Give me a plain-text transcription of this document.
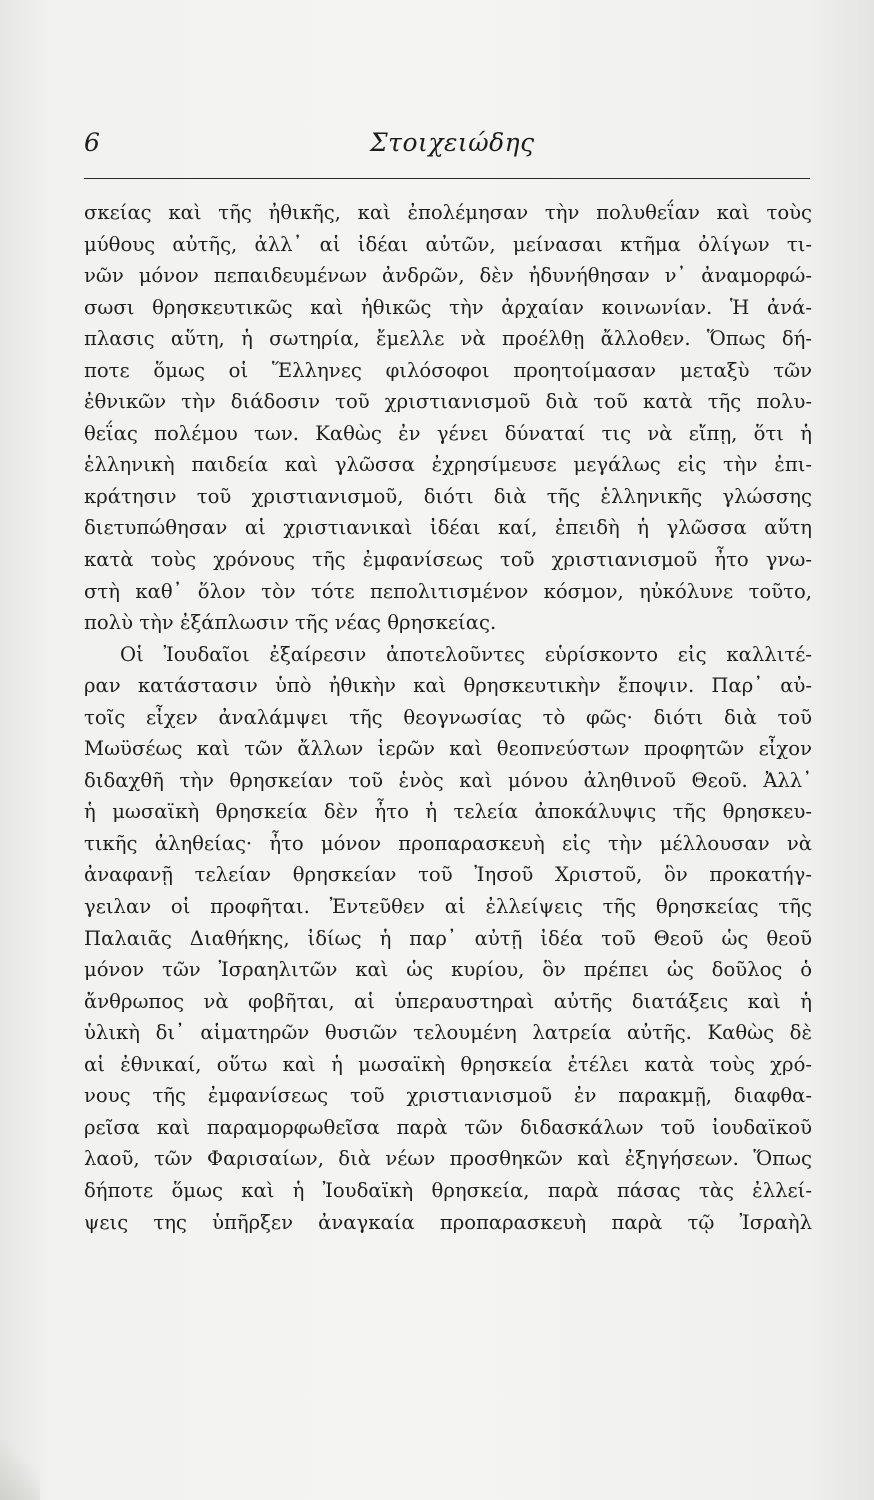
6	Στοιχειώδης
σκείας καὶ τῆς ἠθικῆς, καὶ ἐπολέμησαν τὴν πολυθεΐαν καὶ τοὺς
μύθους αὐτῆς, ἀλλ᾽ αἱ ἰδέαι αὐτῶν, μείνασαι κτῆμα ὀλίγων τι-
νῶν μόνον πεπαιδευμένων ἀνδρῶν, δὲν ἠδυνήθησαν ν᾽ ἀναμορφώ-
σωσι θρησκευτικῶς καὶ ἠθικῶς τὴν ἀρχαίαν κοινωνίαν. Ἡ ἀνά-
πλασις αὕτη, ἡ σωτηρία, ἔμελλε νὰ προέλθῃ ἄλλοθεν. Ὅπως δή-
ποτε ὅμως οἱ Ἕλληνες φιλόσοφοι προητοίμασαν μεταξὺ τῶν
ἐθνικῶν τὴν διάδοσιν τοῦ χριστιανισμοῦ διὰ τοῦ κατὰ τῆς πολυ-
θεΐας πολέμου των. Καθὼς ἐν γένει δύναταί τις νὰ εἴπῃ, ὅτι ἡ
ἑλληνικὴ παιδεία καὶ γλῶσσα ἐχρησίμευσε μεγάλως εἰς τὴν ἐπι-
κράτησιν τοῦ χριστιανισμοῦ, διότι διὰ τῆς ἑλληνικῆς γλώσσης
διετυπώθησαν αἱ χριστιανικαὶ ἰδέαι καί, ἐπειδὴ ἡ γλῶσσα αὕτη
κατὰ τοὺς χρόνους τῆς ἐμφανίσεως τοῦ χριστιανισμοῦ ἦτο γνω-
στὴ καθ᾽ ὅλον τὸν τότε πεπολιτισμένον κόσμον, ηὐκόλυνε τοῦτο,
πολὺ τὴν ἐξάπλωσιν τῆς νέας θρησκείας.
Οἱ Ἰουδαῖοι ἐξαίρεσιν ἀποτελοῦντες εὑρίσκοντο εἰς καλλιτέ-
ραν κατάστασιν ὑπὸ ἠθικὴν καὶ θρησκευτικὴν ἔποψιν. Παρ᾽ αὐ-
τοῖς εἶχεν ἀναλάμψει τῆς θεογνωσίας τὸ φῶς· διότι διὰ τοῦ
Μωϋσέως καὶ τῶν ἄλλων ἱερῶν καὶ θεοπνεύστων προφητῶν εἶχον
διδαχθῆ τὴν θρησκείαν τοῦ ἑνὸς καὶ μόνου ἀληθινοῦ Θεοῦ. Ἀλλ᾽
ἡ μωσαϊκὴ θρησκεία δὲν ἦτο ἡ τελεία ἀποκάλυψις τῆς θρησκευ-
τικῆς ἀληθείας· ἦτο μόνον προπαρασκευὴ εἰς τὴν μέλλουσαν νὰ
ἀναφανῇ τελείαν θρησκείαν τοῦ Ἰησοῦ Χριστοῦ, ὃν προκατήγ-
γειλαν οἱ προφῆται. Ἐντεῦθεν αἱ ἐλλείψεις τῆς θρησκείας τῆς
Παλαιᾶς Διαθήκης, ἰδίως ἡ παρ᾽ αὐτῇ ἰδέα τοῦ Θεοῦ ὡς θεοῦ
μόνον τῶν Ἰσραηλιτῶν καὶ ὡς κυρίου, ὃν πρέπει ὡς δοῦλος ὁ
ἄνθρωπος νὰ φοβῆται, αἱ ὑπεραυστηραὶ αὐτῆς διατάξεις καὶ ἡ
ὑλικὴ δι᾽ αἱματηρῶν θυσιῶν τελουμένη λατρεία αὐτῆς. Καθὼς δὲ
αἱ ἐθνικαί, οὕτω καὶ ἡ μωσαϊκὴ θρησκεία ἐτέλει κατὰ τοὺς χρό-
νους τῆς ἐμφανίσεως τοῦ χριστιανισμοῦ ἐν παρακμῇ, διαφθα-
ρεῖσα καὶ παραμορφωθεῖσα παρὰ τῶν διδασκάλων τοῦ ἰουδαϊκοῦ
λαοῦ, τῶν Φαρισαίων, διὰ νέων προσθηκῶν καὶ ἐξηγήσεων. Ὅπως
δήποτε ὅμως καὶ ἡ Ἰουδαϊκὴ θρησκεία, παρὰ πάσας τὰς ἐλλεί-
ψεις της ὑπῆρξεν ἀναγκαία προπαρασκευὴ παρὰ τῷ Ἰσραὴλ
